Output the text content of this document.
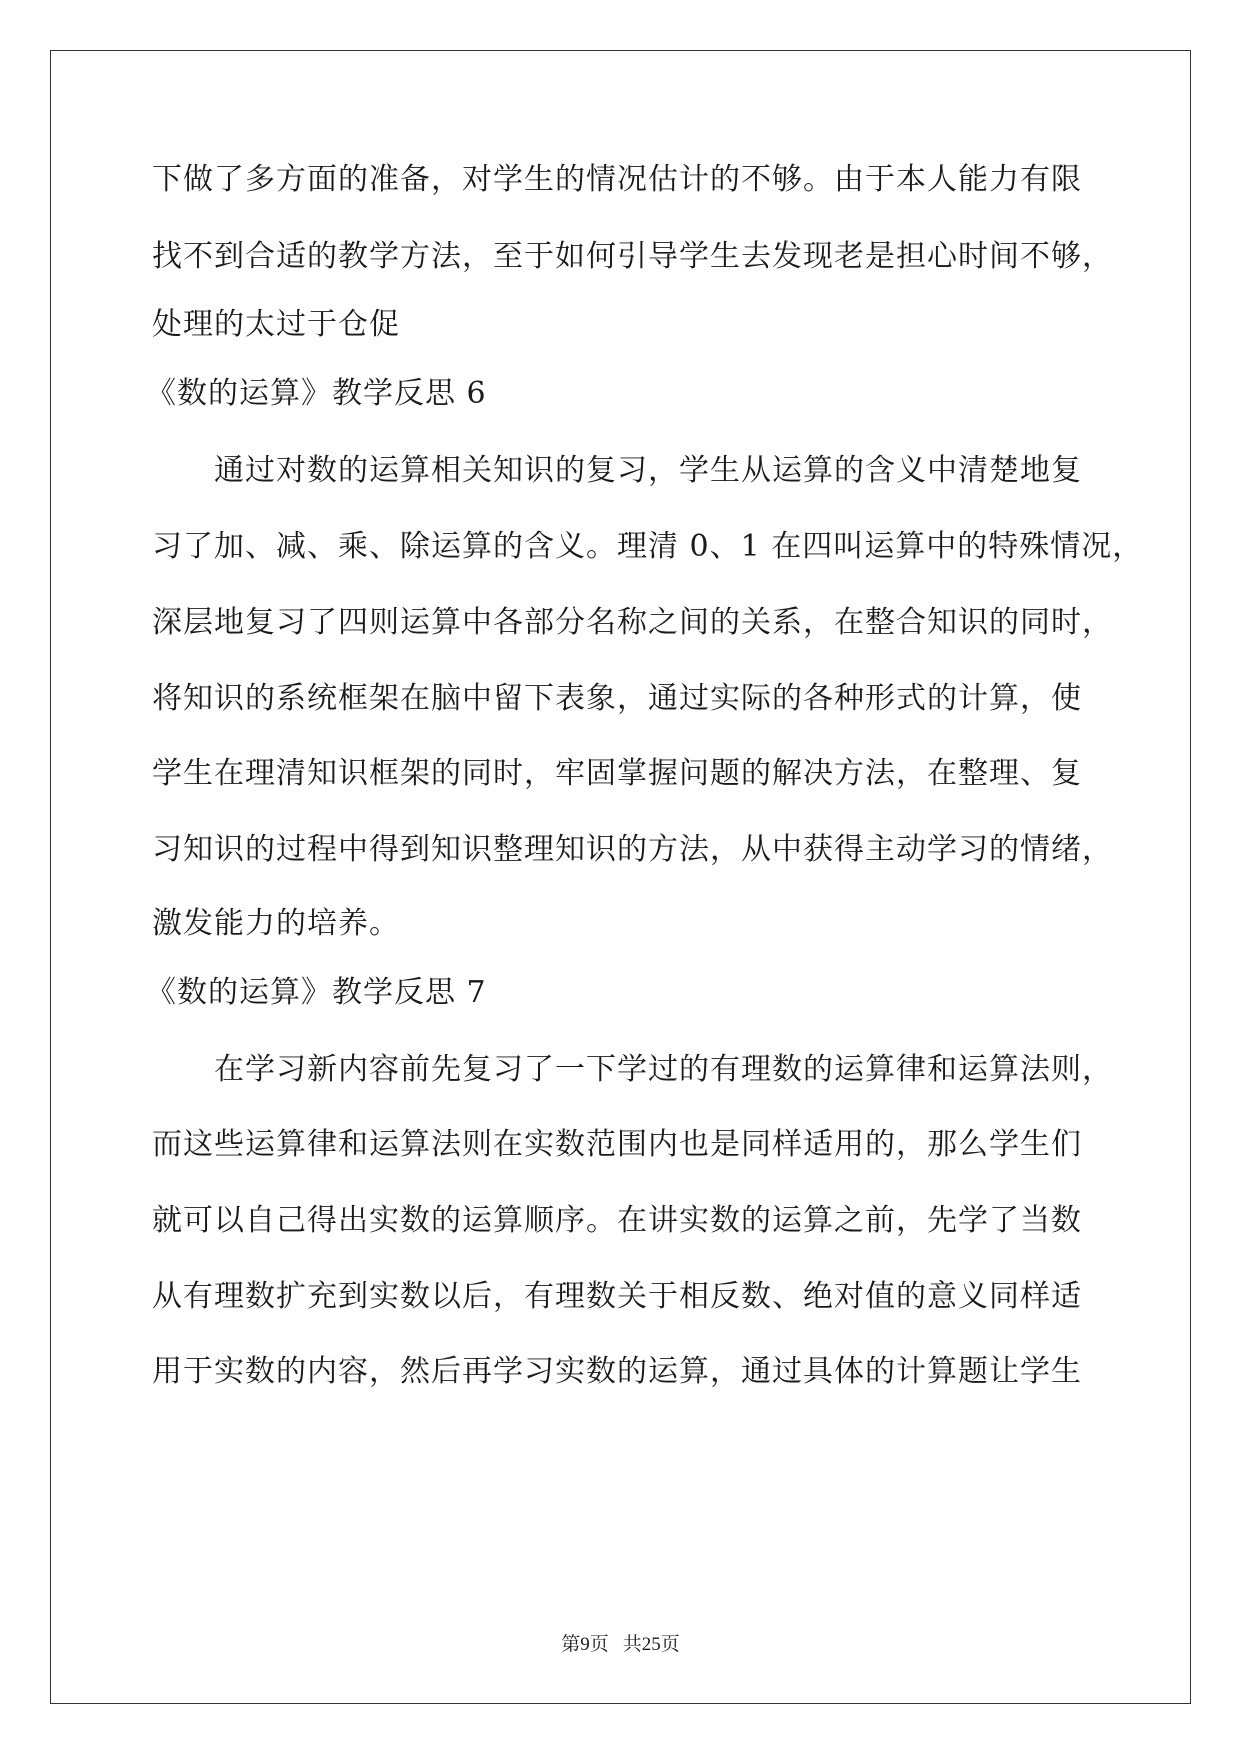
下做了多方面的准备，对学生的情况估计的不够。由于本人能力有限
找不到合适的教学方法，至于如何引导学生去发现老是担心时间不够，
处理的太过于仓促
《数的运算》教学反思 6
通过对数的运算相关知识的复习，学生从运算的含义中清楚地复
习了加、减、乘、除运算的含义。理清 0、1 在四叫运算中的特殊情况，
深层地复习了四则运算中各部分名称之间的关系，在整合知识的同时，
将知识的系统框架在脑中留下表象，通过实际的各种形式的计算，使
学生在理清知识框架的同时，牢固掌握问题的解决方法，在整理、复
习知识的过程中得到知识整理知识的方法，从中获得主动学习的情绪，
激发能力的培养。
《数的运算》教学反思 7
在学习新内容前先复习了一下学过的有理数的运算律和运算法则，
而这些运算律和运算法则在实数范围内也是同样适用的，那么学生们
就可以自己得出实数的运算顺序。在讲实数的运算之前，先学了当数
从有理数扩充到实数以后，有理数关于相反数、绝对值的意义同样适
用于实数的内容，然后再学习实数的运算，通过具体的计算题让学生
第9页 共25页
